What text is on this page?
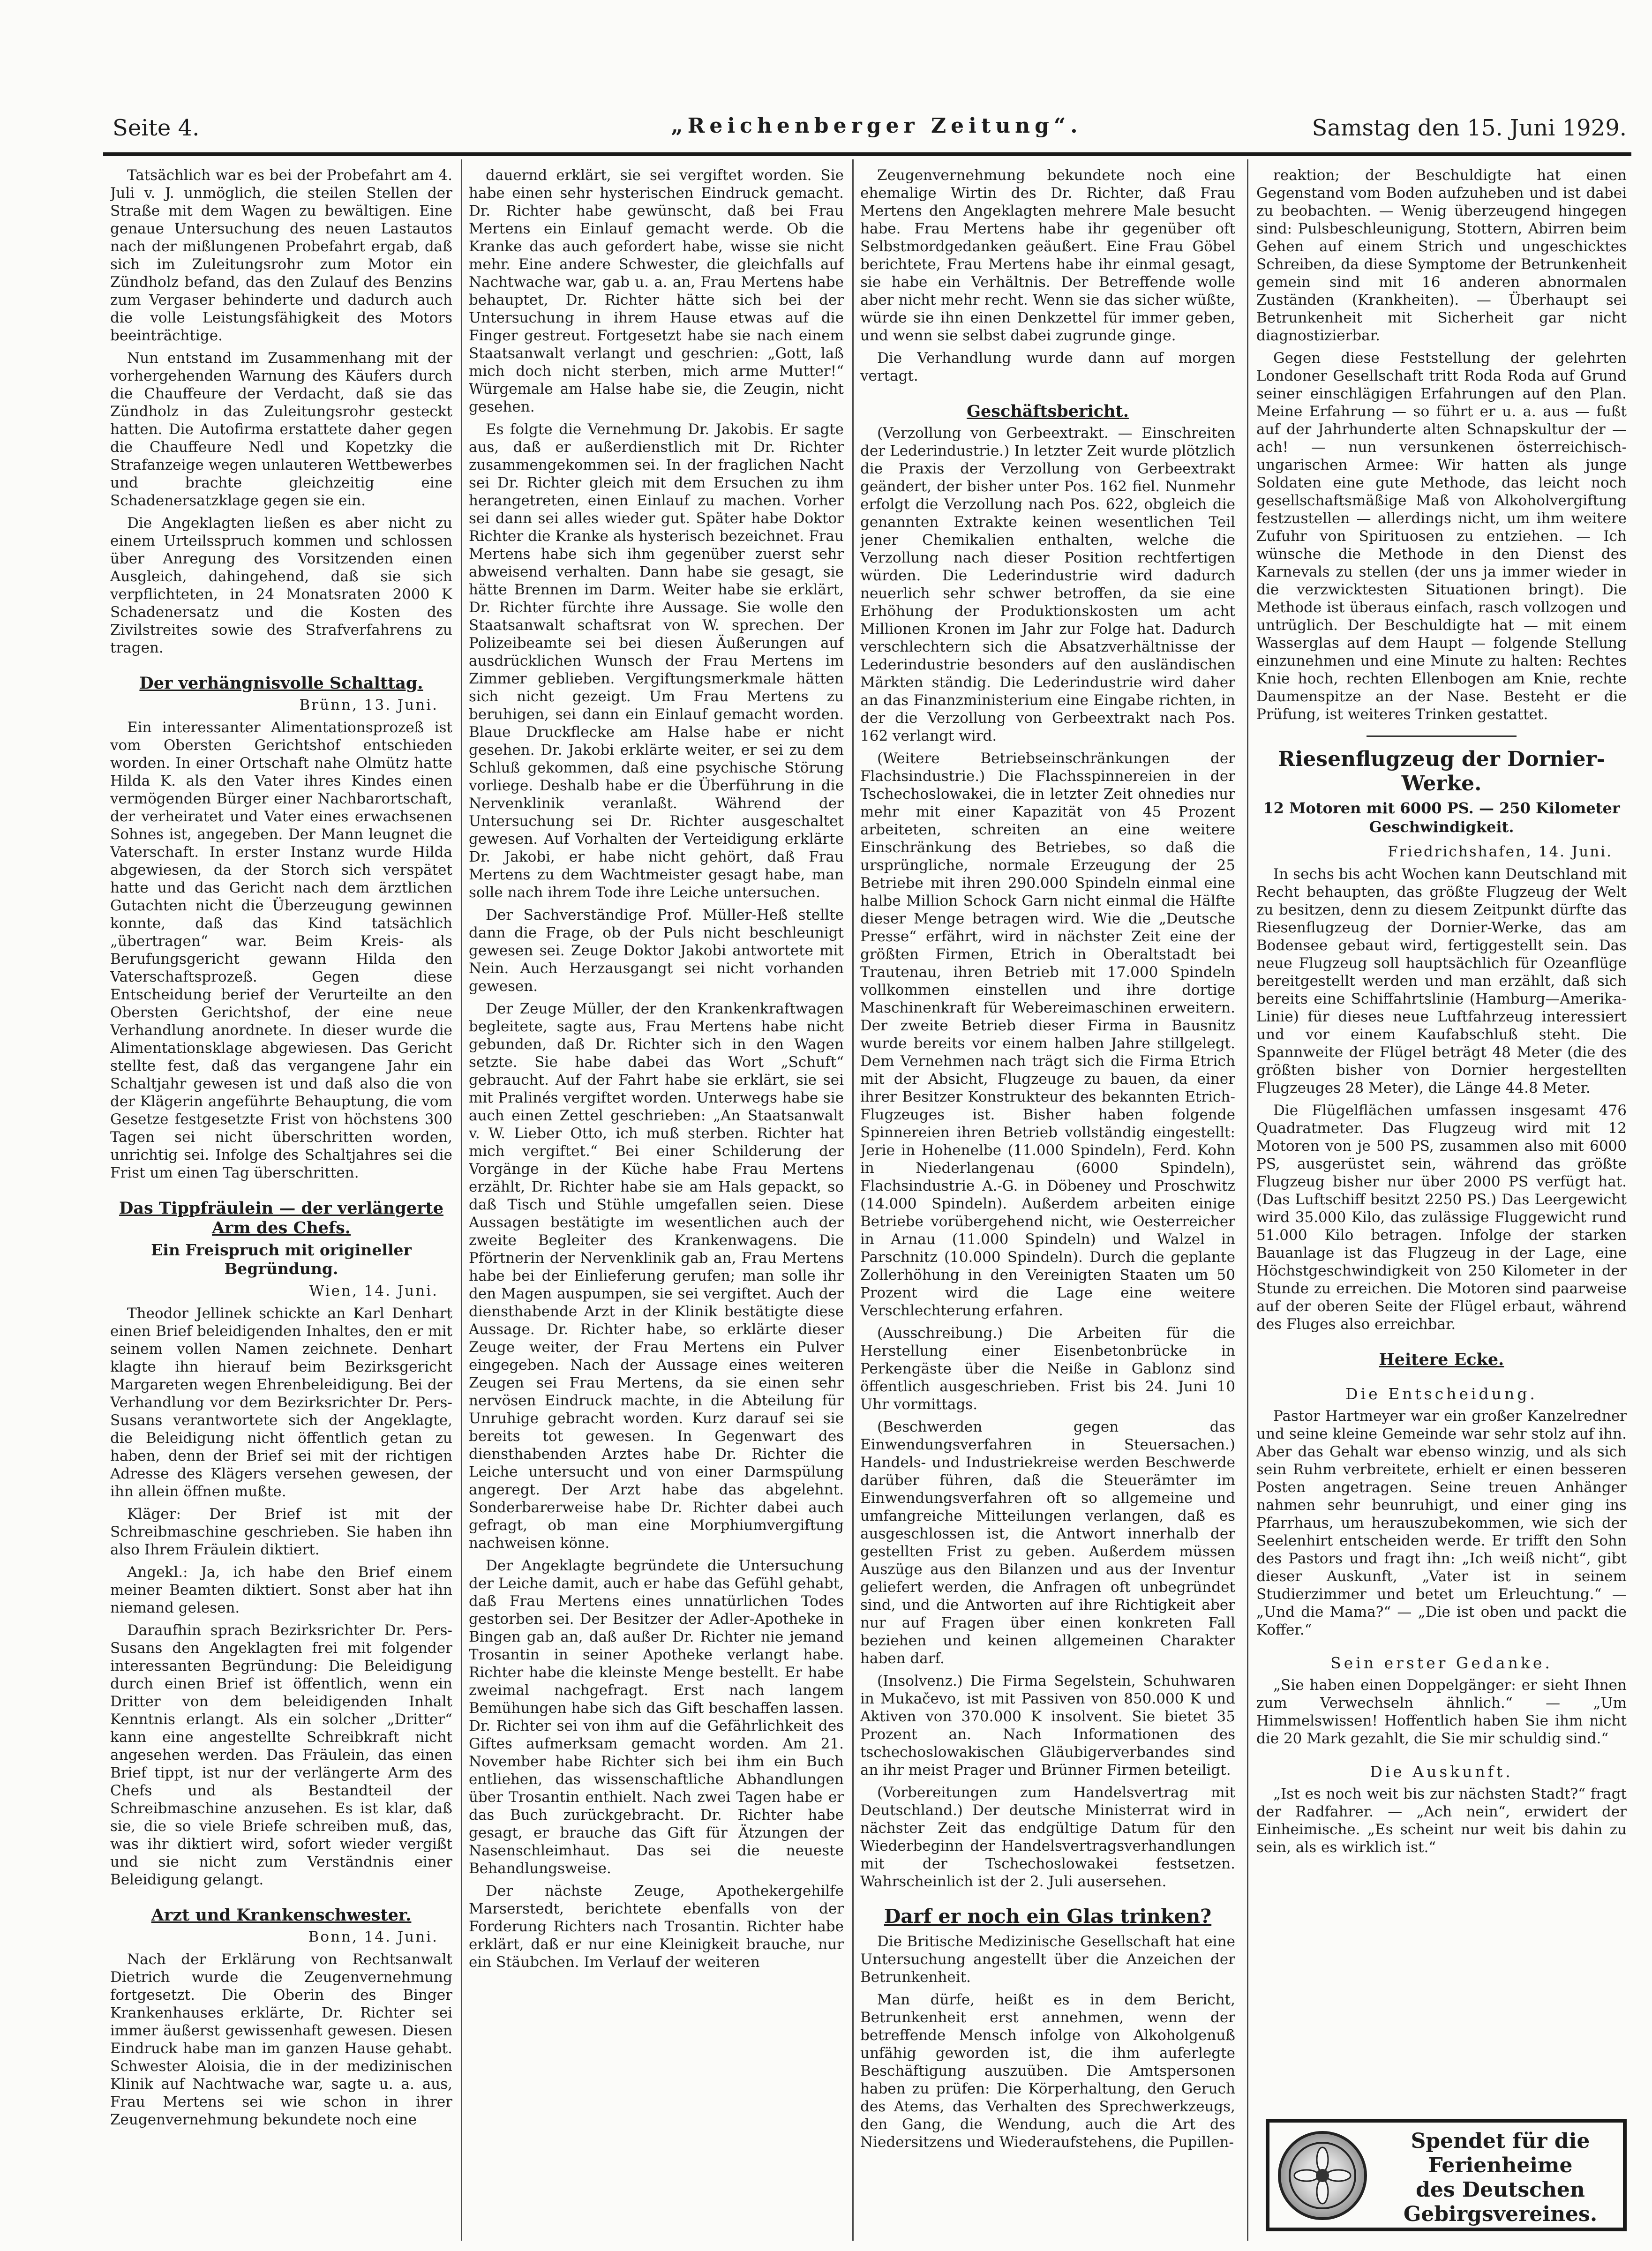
Seite 4.	„Reichenberger Zeitung“.	Samstag den 15. Juni 1929.

Tatsächlich war es bei der Probefahrt am 4. Juli v. J. unmöglich, die steilen Stellen der Straße mit dem Wagen zu bewältigen. Eine genaue Untersuchung des neuen Lastautos nach der mißlungenen Probefahrt ergab, daß sich im Zuleitungsrohr zum Motor ein Zündholz befand, das den Zulauf des Benzins zum Vergaser behinderte und dadurch auch die volle Leistungsfähigkeit des Motors beeinträchtige.

Nun entstand im Zusammenhang mit der vorhergehenden Warnung des Käufers durch die Chauffeure der Verdacht, daß sie das Zündholz in das Zuleitungsrohr gesteckt hatten. Die Autofirma erstattete daher gegen die Chauffeure Nedl und Kopetzky die Strafanzeige wegen unlauteren Wettbewerbes und brachte gleichzeitig eine Schadenersatzklage gegen sie ein.

Die Angeklagten ließen es aber nicht zu einem Urteilsspruch kommen und schlossen über Anregung des Vorsitzenden einen Ausgleich, dahingehend, daß sie sich verpflichteten, in 24 Monatsraten 2000 K Schadenersatz und die Kosten des Zivilstreites sowie des Strafverfahrens zu tragen.

Der verhängnisvolle Schalttag.
Brünn, 13. Juni.

Ein interessanter Alimentationsprozeß ist vom Obersten Gerichtshof entschieden worden. In einer Ortschaft nahe Olmütz hatte Hilda K. als den Vater ihres Kindes einen vermögenden Bürger einer Nachbarortschaft, der verheiratet und Vater eines erwachsenen Sohnes ist, angegeben. Der Mann leugnet die Vaterschaft. In erster Instanz wurde Hilda abgewiesen, da der Storch sich verspätet hatte und das Gericht nach dem ärztlichen Gutachten nicht die Überzeugung gewinnen konnte, daß das Kind tatsächlich „übertragen“ war. Beim Kreis- als Berufungsgericht gewann Hilda den Vaterschaftsprozeß. Gegen diese Entscheidung berief der Verurteilte an den Obersten Gerichtshof, der eine neue Verhandlung anordnete. In dieser wurde die Alimentationsklage abgewiesen. Das Gericht stellte fest, daß das vergangene Jahr ein Schaltjahr gewesen ist und daß also die von der Klägerin angeführte Behauptung, die vom Gesetze festgesetzte Frist von höchstens 300 Tagen sei nicht überschritten worden, unrichtig sei. Infolge des Schaltjahres sei die Frist um einen Tag überschritten.

Das Tippfräulein — der verlängerte Arm des Chefs.
Ein Freispruch mit origineller Begründung.
Wien, 14. Juni.

Theodor Jellinek schickte an Karl Denhart einen Brief beleidigenden Inhaltes, den er mit seinem vollen Namen zeichnete. Denhart klagte ihn hierauf beim Bezirksgericht Margareten wegen Ehrenbeleidigung. Bei der Verhandlung vor dem Bezirksrichter Dr. Pers-Susans verantwortete sich der Angeklagte, die Beleidigung nicht öffentlich getan zu haben, denn der Brief sei mit der richtigen Adresse des Klägers versehen gewesen, der ihn allein öffnen mußte.

Kläger: Der Brief ist mit der Schreibmaschine geschrieben. Sie haben ihn also Ihrem Fräulein diktiert.

Angekl.: Ja, ich habe den Brief einem meiner Beamten diktiert. Sonst aber hat ihn niemand gelesen.

Daraufhin sprach Bezirksrichter Dr. Pers-Susans den Angeklagten frei mit folgender interessanten Begründung: Die Beleidigung durch einen Brief ist öffentlich, wenn ein Dritter von dem beleidigenden Inhalt Kenntnis erlangt. Als ein solcher „Dritter“ kann eine angestellte Schreibkraft nicht angesehen werden. Das Fräulein, das einen Brief tippt, ist nur der verlängerte Arm des Chefs und als Bestandteil der Schreibmaschine anzusehen. Es ist klar, daß sie, die so viele Briefe schreiben muß, das, was ihr diktiert wird, sofort wieder vergißt und sie nicht zum Verständnis einer Beleidigung gelangt.

Arzt und Krankenschwester.
Bonn, 14. Juni.

Nach der Erklärung von Rechtsanwalt Dietrich wurde die Zeugenvernehmung fortgesetzt. Die Oberin des Binger Krankenhauses erklärte, Dr. Richter sei immer äußerst gewissenhaft gewesen. Diesen Eindruck habe man im ganzen Hause gehabt. Schwester Aloisia, die in der medizinischen Klinik auf Nachtwache war, sagte u. a. aus, Frau Mertens sei wie schon in ihrer Zeugenvernehmung bekundete noch eine

dauernd erklärt, sie sei vergiftet worden. Sie habe einen sehr hysterischen Eindruck gemacht. Dr. Richter habe gewünscht, daß bei Frau Mertens ein Einlauf gemacht werde. Ob die Kranke das auch gefordert habe, wisse sie nicht mehr. Eine andere Schwester, die gleichfalls auf Nachtwache war, gab u. a. an, Frau Mertens habe behauptet, Dr. Richter hätte sich bei der Untersuchung in ihrem Hause etwas auf die Finger gestreut. Fortgesetzt habe sie nach einem Staatsanwalt verlangt und geschrien: „Gott, laß mich doch nicht sterben, mich arme Mutter!“ Würgemale am Halse habe sie, die Zeugin, nicht gesehen.

Es folgte die Vernehmung Dr. Jakobis. Er sagte aus, daß er außerdienstlich mit Dr. Richter zusammengekommen sei. In der fraglichen Nacht sei Dr. Richter gleich mit dem Ersuchen zu ihm herangetreten, einen Einlauf zu machen. Vorher sei dann sei alles wieder gut. Später habe Doktor Richter die Kranke als hysterisch bezeichnet. Frau Mertens habe sich ihm gegenüber zuerst sehr abweisend verhalten. Dann habe sie gesagt, sie hätte Brennen im Darm. Weiter habe sie erklärt, Dr. Richter fürchte ihre Aussage. Sie wolle den Staatsanwalt schaftsrat von W. sprechen. Der Polizeibeamte sei bei diesen Äußerungen auf ausdrücklichen Wunsch der Frau Mertens im Zimmer geblieben. Vergiftungsmerkmale hätten sich nicht gezeigt. Um Frau Mertens zu beruhigen, sei dann ein Einlauf gemacht worden. Blaue Druckflecke am Halse habe er nicht gesehen. Dr. Jakobi erklärte weiter, er sei zu dem Schluß gekommen, daß eine psychische Störung vorliege. Deshalb habe er die Überführung in die Nervenklinik veranlaßt. Während der Untersuchung sei Dr. Richter ausgeschaltet gewesen. Auf Vorhalten der Verteidigung erklärte Dr. Jakobi, er habe nicht gehört, daß Frau Mertens zu dem Wachtmeister gesagt habe, man solle nach ihrem Tode ihre Leiche untersuchen.

Der Sachverständige Prof. Müller-Heß stellte dann die Frage, ob der Puls nicht beschleunigt gewesen sei. Zeuge Doktor Jakobi antwortete mit Nein. Auch Herzausgangt sei nicht vorhanden gewesen.

Der Zeuge Müller, der den Krankenkraftwagen begleitete, sagte aus, Frau Mertens habe nicht gebunden, daß Dr. Richter sich in den Wagen setzte. Sie habe dabei das Wort „Schuft“ gebraucht. Auf der Fahrt habe sie erklärt, sie sei mit Pralinés vergiftet worden. Unterwegs habe sie auch einen Zettel geschrieben: „An Staatsanwalt v. W. Lieber Otto, ich muß sterben. Richter hat mich vergiftet.“ Bei einer Schilderung der Vorgänge in der Küche habe Frau Mertens erzählt, Dr. Richter habe sie am Hals gepackt, so daß Tisch und Stühle umgefallen seien. Diese Aussagen bestätigte im wesentlichen auch der zweite Begleiter des Krankenwagens. Die Pförtnerin der Nervenklinik gab an, Frau Mertens habe bei der Einlieferung gerufen; man solle ihr den Magen auspumpen, sie sei vergiftet. Auch der diensthabende Arzt in der Klinik bestätigte diese Aussage. Dr. Richter habe, so erklärte dieser Zeuge weiter, der Frau Mertens ein Pulver eingegeben. Nach der Aussage eines weiteren Zeugen sei Frau Mertens, da sie einen sehr nervösen Eindruck machte, in die Abteilung für Unruhige gebracht worden. Kurz darauf sei sie bereits tot gewesen. In Gegenwart des diensthabenden Arztes habe Dr. Richter die Leiche untersucht und von einer Darmspülung angeregt. Der Arzt habe das abgelehnt. Sonderbarerweise habe Dr. Richter dabei auch gefragt, ob man eine Morphiumvergiftung nachweisen könne.

Der Angeklagte begründete die Untersuchung der Leiche damit, auch er habe das Gefühl gehabt, daß Frau Mertens eines unnatürlichen Todes gestorben sei. Der Besitzer der Adler-Apotheke in Bingen gab an, daß außer Dr. Richter nie jemand Trosantin in seiner Apotheke verlangt habe. Richter habe die kleinste Menge bestellt. Er habe zweimal nachgefragt. Erst nach langem Bemühungen habe sich das Gift beschaffen lassen. Dr. Richter sei von ihm auf die Gefährlichkeit des Giftes aufmerksam gemacht worden. Am 21. November habe Richter sich bei ihm ein Buch entliehen, das wissenschaftliche Abhandlungen über Trosantin enthielt. Nach zwei Tagen habe er das Buch zurückgebracht. Dr. Richter habe gesagt, er brauche das Gift für Ätzungen der Nasenschleimhaut. Das sei die neueste Behandlungsweise.

Der nächste Zeuge, Apothekergehilfe Marserstedt, berichtete ebenfalls von der Forderung Richters nach Trosantin. Richter habe erklärt, daß er nur eine Kleinigkeit brauche, nur ein Stäubchen. Im Verlauf der weiteren

Zeugenvernehmung bekundete noch eine ehemalige Wirtin des Dr. Richter, daß Frau Mertens den Angeklagten mehrere Male besucht habe. Frau Mertens habe ihr gegenüber oft Selbstmordgedanken geäußert. Eine Frau Göbel berichtete, Frau Mertens habe ihr einmal gesagt, sie habe ein Verhältnis. Der Betreffende wolle aber nicht mehr recht. Wenn sie das sicher wüßte, würde sie ihn einen Denkzettel für immer geben, und wenn sie selbst dabei zugrunde ginge.

Die Verhandlung wurde dann auf morgen vertagt.

Geschäftsbericht.

(Verzollung von Gerbeextrakt. — Einschreiten der Lederindustrie.) In letzter Zeit wurde plötzlich die Praxis der Verzollung von Gerbeextrakt geändert, der bisher unter Pos. 162 fiel. Nunmehr erfolgt die Verzollung nach Pos. 622, obgleich die genannten Extrakte keinen wesentlichen Teil jener Chemikalien enthalten, welche die Verzollung nach dieser Position rechtfertigen würden. Die Lederindustrie wird dadurch neuerlich sehr schwer betroffen, da sie eine Erhöhung der Produktionskosten um acht Millionen Kronen im Jahr zur Folge hat. Dadurch verschlechtern sich die Absatzverhältnisse der Lederindustrie besonders auf den ausländischen Märkten ständig. Die Lederindustrie wird daher an das Finanzministerium eine Eingabe richten, in der die Verzollung von Gerbeextrakt nach Pos. 162 verlangt wird.

(Weitere Betriebseinschränkungen der Flachsindustrie.) Die Flachsspinnereien in der Tschechoslowakei, die in letzter Zeit ohnedies nur mehr mit einer Kapazität von 45 Prozent arbeiteten, schreiten an eine weitere Einschränkung des Betriebes, so daß die ursprüngliche, normale Erzeugung der 25 Betriebe mit ihren 290.000 Spindeln einmal eine halbe Million Schock Garn nicht einmal die Hälfte dieser Menge betragen wird. Wie die „Deutsche Presse“ erfährt, wird in nächster Zeit eine der größten Firmen, Etrich in Oberaltstadt bei Trautenau, ihren Betrieb mit 17.000 Spindeln vollkommen einstellen und ihre dortige Maschinenkraft für Webereimaschinen erweitern. Der zweite Betrieb dieser Firma in Bausnitz wurde bereits vor einem halben Jahre stillgelegt. Dem Vernehmen nach trägt sich die Firma Etrich mit der Absicht, Flugzeuge zu bauen, da einer ihrer Besitzer Konstrukteur des bekannten Etrich-Flugzeuges ist. Bisher haben folgende Spinnereien ihren Betrieb vollständig eingestellt: Jerie in Hohenelbe (11.000 Spindeln), Ferd. Kohn in Niederlangenau (6000 Spindeln), Flachsindustrie A.-G. in Döbeney und Proschwitz (14.000 Spindeln). Außerdem arbeiten einige Betriebe vorübergehend nicht, wie Oesterreicher in Arnau (11.000 Spindeln) und Walzel in Parschnitz (10.000 Spindeln). Durch die geplante Zollerhöhung in den Vereinigten Staaten um 50 Prozent wird die Lage eine weitere Verschlechterung erfahren.

(Ausschreibung.) Die Arbeiten für die Herstellung einer Eisenbetonbrücke in Perkengäste über die Neiße in Gablonz sind öffentlich ausgeschrieben. Frist bis 24. Juni 10 Uhr vormittags.

(Beschwerden gegen das Einwendungsverfahren in Steuersachen.) Handels- und Industriekreise werden Beschwerde darüber führen, daß die Steuerämter im Einwendungsverfahren oft so allgemeine und umfangreiche Mitteilungen verlangen, daß es ausgeschlossen ist, die Antwort innerhalb der gestellten Frist zu geben. Außerdem müssen Auszüge aus den Bilanzen und aus der Inventur geliefert werden, die Anfragen oft unbegründet sind, und die Antworten auf ihre Richtigkeit aber nur auf Fragen über einen konkreten Fall beziehen und keinen allgemeinen Charakter haben darf.

(Insolvenz.) Die Firma Segelstein, Schuhwaren in Mukačevo, ist mit Passiven von 850.000 K und Aktiven von 370.000 K insolvent. Sie bietet 35 Prozent an. Nach Informationen des tschechoslowakischen Gläubigerverbandes sind an ihr meist Prager und Brünner Firmen beteiligt.

(Vorbereitungen zum Handelsvertrag mit Deutschland.) Der deutsche Ministerrat wird in nächster Zeit das endgültige Datum für den Wiederbeginn der Handelsvertragsverhandlungen mit der Tschechoslowakei festsetzen. Wahrscheinlich ist der 2. Juli ausersehen.

Darf er noch ein Glas trinken?

Die Britische Medizinische Gesellschaft hat eine Untersuchung angestellt über die Anzeichen der Betrunkenheit.

Man dürfe, heißt es in dem Bericht, Betrunkenheit erst annehmen, wenn der betreffende Mensch infolge von Alkoholgenuß unfähig geworden ist, die ihm auferlegte Beschäftigung auszuüben. Die Amtspersonen haben zu prüfen: Die Körperhaltung, den Geruch des Atems, das Verhalten des Sprechwerkzeugs, den Gang, die Wendung, auch die Art des Niedersitzens und Wiederaufstehens, die Pupillen-

reaktion; der Beschuldigte hat einen Gegenstand vom Boden aufzuheben und ist dabei zu beobachten. — Wenig überzeugend hingegen sind: Pulsbeschleunigung, Stottern, Abirren beim Gehen auf einem Strich und ungeschicktes Schreiben, da diese Symptome der Betrunkenheit gemein sind mit 16 anderen abnormalen Zuständen (Krankheiten). — Überhaupt sei Betrunkenheit mit Sicherheit gar nicht diagnostizierbar.

Gegen diese Feststellung der gelehrten Londoner Gesellschaft tritt Roda Roda auf Grund seiner einschlägigen Erfahrungen auf den Plan. Meine Erfahrung — so führt er u. a. aus — fußt auf der Jahrhunderte alten Schnapskultur der — ach! — nun versunkenen österreichisch-ungarischen Armee: Wir hatten als junge Soldaten eine gute Methode, das leicht noch gesellschaftsmäßige Maß von Alkoholvergiftung festzustellen — allerdings nicht, um ihm weitere Zufuhr von Spirituosen zu entziehen. — Ich wünsche die Methode in den Dienst des Karnevals zu stellen (der uns ja immer wieder in die verzwicktesten Situationen bringt). Die Methode ist überaus einfach, rasch vollzogen und untrüglich. Der Beschuldigte hat — mit einem Wasserglas auf dem Haupt — folgende Stellung einzunehmen und eine Minute zu halten: Rechtes Knie hoch, rechten Ellenbogen am Knie, rechte Daumenspitze an der Nase. Besteht er die Prüfung, ist weiteres Trinken gestattet.

Riesenflugzeug der Dornier-Werke.
12 Motoren mit 6000 PS. — 250 Kilometer Geschwindigkeit.
Friedrichshafen, 14. Juni.

In sechs bis acht Wochen kann Deutschland mit Recht behaupten, das größte Flugzeug der Welt zu besitzen, denn zu diesem Zeitpunkt dürfte das Riesenflugzeug der Dornier-Werke, das am Bodensee gebaut wird, fertiggestellt sein. Das neue Flugzeug soll hauptsächlich für Ozeanflüge bereitgestellt werden und man erzählt, daß sich bereits eine Schiffahrtslinie (Hamburg—Amerika-Linie) für dieses neue Luftfahrzeug interessiert und vor einem Kaufabschluß steht. Die Spannweite der Flügel beträgt 48 Meter (die des größten bisher von Dornier hergestellten Flugzeuges 28 Meter), die Länge 44.8 Meter.

Die Flügelflächen umfassen insgesamt 476 Quadratmeter. Das Flugzeug wird mit 12 Motoren von je 500 PS, zusammen also mit 6000 PS, ausgerüstet sein, während das größte Flugzeug bisher nur über 2000 PS verfügt hat. (Das Luftschiff besitzt 2250 PS.) Das Leergewicht wird 35.000 Kilo, das zulässige Fluggewicht rund 51.000 Kilo betragen. Infolge der starken Bauanlage ist das Flugzeug in der Lage, eine Höchstgeschwindigkeit von 250 Kilometer in der Stunde zu erreichen. Die Motoren sind paarweise auf der oberen Seite der Flügel erbaut, während des Fluges also erreichbar.

Heitere Ecke.
Die Entscheidung.

Pastor Hartmeyer war ein großer Kanzelredner und seine kleine Gemeinde war sehr stolz auf ihn. Aber das Gehalt war ebenso winzig, und als sich sein Ruhm verbreitete, erhielt er einen besseren Posten angetragen. Seine treuen Anhänger nahmen sehr beunruhigt, und einer ging ins Pfarrhaus, um herauszubekommen, wie sich der Seelenhirt entscheiden werde. Er trifft den Sohn des Pastors und fragt ihn: „Ich weiß nicht“, gibt dieser Auskunft, „Vater ist in seinem Studierzimmer und betet um Erleuchtung.“ — „Und die Mama?“ — „Die ist oben und packt die Koffer.“

Sein erster Gedanke.

„Sie haben einen Doppelgänger: er sieht Ihnen zum Verwechseln ähnlich.“ — „Um Himmelswissen! Hoffentlich haben Sie ihm nicht die 20 Mark gezahlt, die Sie mir schuldig sind.“

Die Auskunft.

„Ist es noch weit bis zur nächsten Stadt?“ fragt der Radfahrer. — „Ach nein“, erwidert der Einheimische. „Es scheint nur weit bis dahin zu sein, als es wirklich ist.“

Spendet für die
Ferienheime
des Deutschen
Gebirgsvereines.
